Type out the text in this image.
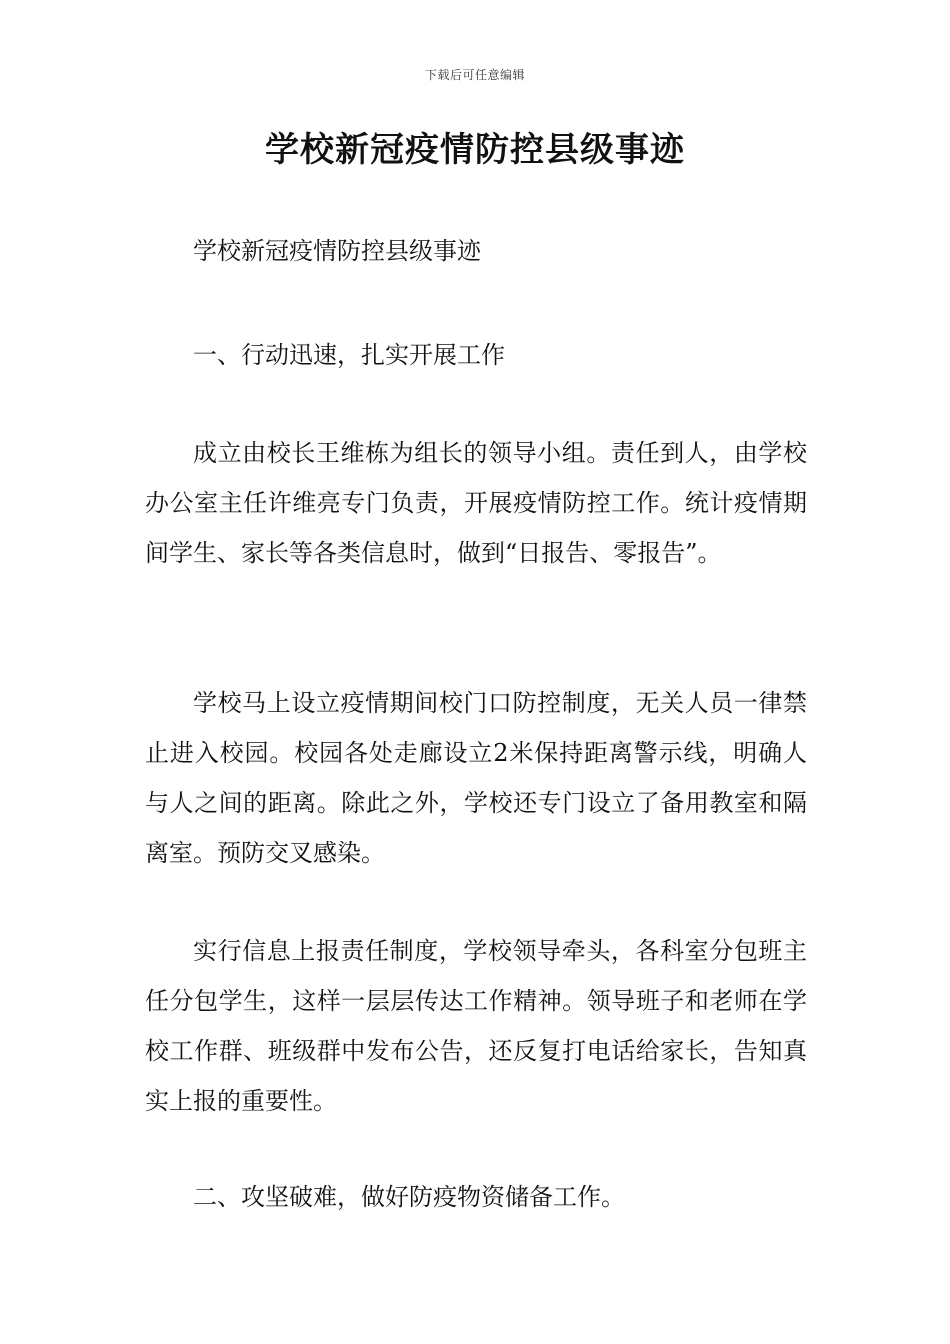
下载后可任意编辑
学校新冠疫情防控县级事迹

学校新冠疫情防控县级事迹

一、行动迅速，扎实开展工作

成立由校长王维栋为组长的领导小组。责任到人，由学校办公室主任许维亮专门负责，开展疫情防控工作。统计疫情期间学生、家长等各类信息时，做到“日报告、零报告”。

学校马上设立疫情期间校门口防控制度，无关人员一律禁止进入校园。校园各处走廊设立2米保持距离警示线，明确人与人之间的距离。除此之外，学校还专门设立了备用教室和隔离室。预防交叉感染。

实行信息上报责任制度，学校领导牵头，各科室分包班主任分包学生，这样一层层传达工作精神。领导班子和老师在学校工作群、班级群中发布公告，还反复打电话给家长，告知真实上报的重要性。

二、攻坚破难，做好防疫物资储备工作。
